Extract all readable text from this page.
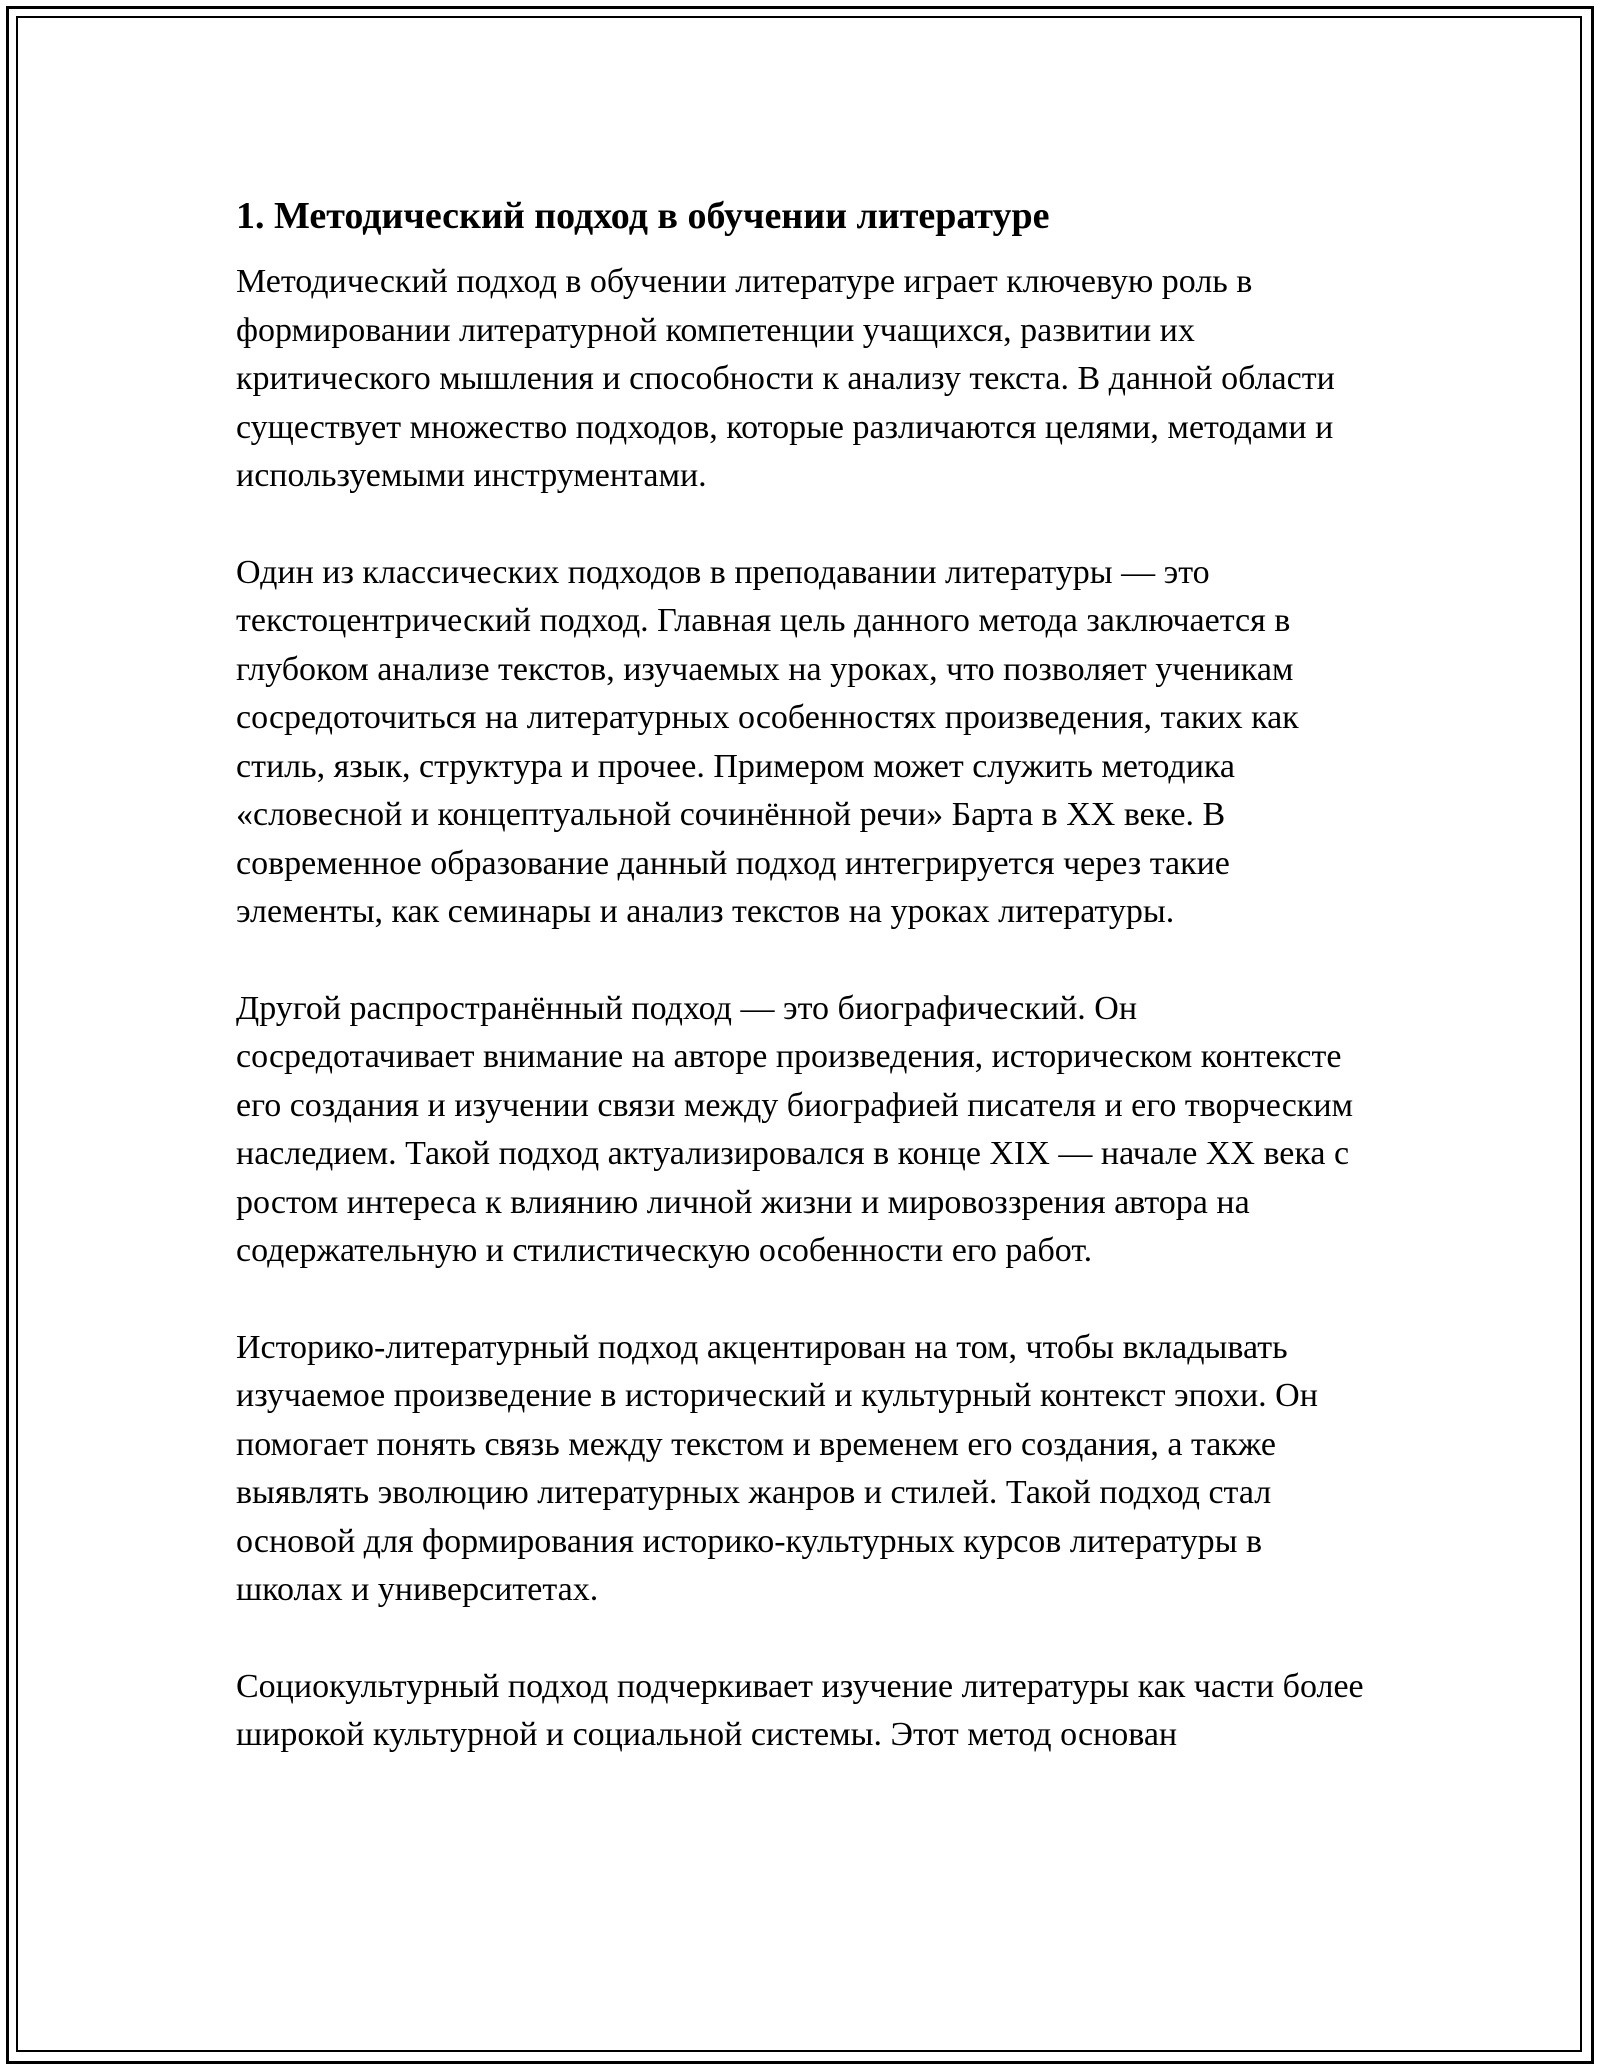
1. Методический подход в обучении литературе

Методический подход в обучении литературе играет ключевую роль в формировании литературной компетенции учащихся, развитии их критического мышления и способности к анализу текста. В данной области существует множество подходов, которые различаются целями, методами и используемыми инструментами.

Один из классических подходов в преподавании литературы — это текстоцентрический подход. Главная цель данного метода заключается в глубоком анализе текстов, изучаемых на уроках, что позволяет ученикам сосредоточиться на литературных особенностях произведения, таких как стиль, язык, структура и прочее. Примером может служить методика «словесной и концептуальной сочинённой речи» Барта в XX веке. В современное образование данный подход интегрируется через такие элементы, как семинары и анализ текстов на уроках литературы.

Другой распространённый подход — это биографический. Он сосредотачивает внимание на авторе произведения, историческом контексте его создания и изучении связи между биографией писателя и его творческим наследием. Такой подход актуализировался в конце XIX — начале XX века с ростом интереса к влиянию личной жизни и мировоззрения автора на содержательную и стилистическую особенности его работ.

Историко-литературный подход акцентирован на том, чтобы вкладывать изучаемое произведение в исторический и культурный контекст эпохи. Он помогает понять связь между текстом и временем его создания, а также выявлять эволюцию литературных жанров и стилей. Такой подход стал основой для формирования историко-культурных курсов литературы в школах и университетах.

Социокультурный подход подчеркивает изучение литературы как части более широкой культурной и социальной системы. Этот метод основан
